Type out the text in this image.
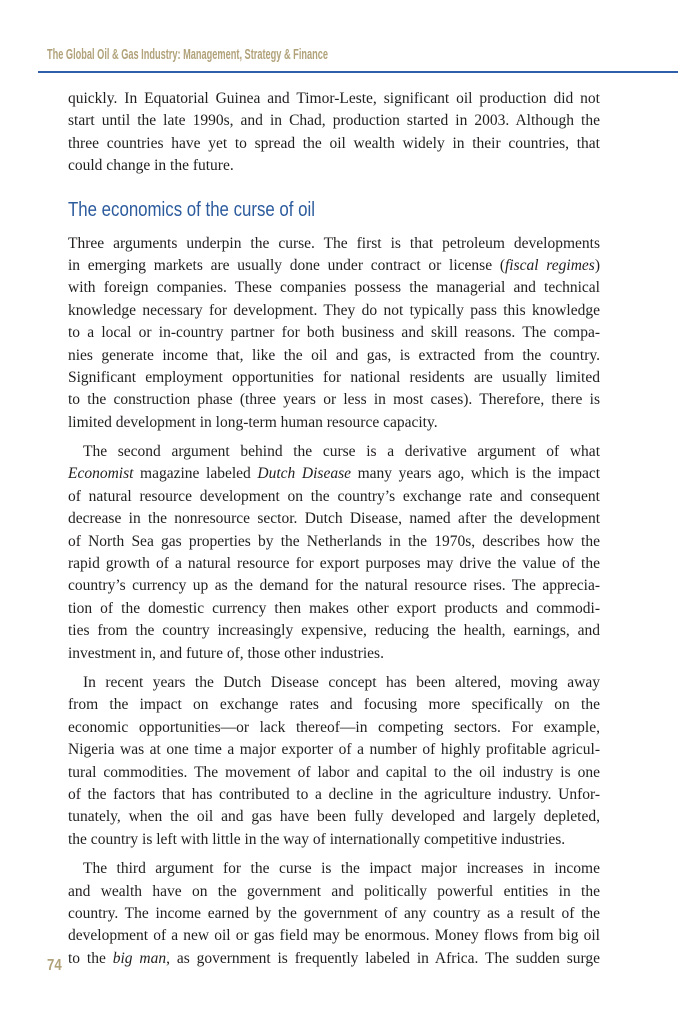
The Global Oil & Gas Industry: Management, Strategy & Finance
quickly. In Equatorial Guinea and Timor-Leste, significant oil production did not
start until the late 1990s, and in Chad, production started in 2003. Although the
three countries have yet to spread the oil wealth widely in their countries, that
could change in the future.
The economics of the curse of oil
Three arguments underpin the curse. The first is that petroleum developments
in emerging markets are usually done under contract or license (fiscal regimes)
with foreign companies. These companies possess the managerial and technical
knowledge necessary for development. They do not typically pass this knowledge
to a local or in-country partner for both business and skill reasons. The compa-
nies generate income that, like the oil and gas, is extracted from the country.
Significant employment opportunities for national residents are usually limited
to the construction phase (three years or less in most cases). Therefore, there is
limited development in long-term human resource capacity.
The second argument behind the curse is a derivative argument of what
Economist magazine labeled Dutch Disease many years ago, which is the impact
of natural resource development on the country’s exchange rate and consequent
decrease in the nonresource sector. Dutch Disease, named after the development
of North Sea gas properties by the Netherlands in the 1970s, describes how the
rapid growth of a natural resource for export purposes may drive the value of the
country’s currency up as the demand for the natural resource rises. The apprecia-
tion of the domestic currency then makes other export products and commodi-
ties from the country increasingly expensive, reducing the health, earnings, and
investment in, and future of, those other industries.
In recent years the Dutch Disease concept has been altered, moving away
from the impact on exchange rates and focusing more specifically on the
economic opportunities—or lack thereof—in competing sectors. For example,
Nigeria was at one time a major exporter of a number of highly profitable agricul-
tural commodities. The movement of labor and capital to the oil industry is one
of the factors that has contributed to a decline in the agriculture industry. Unfor-
tunately, when the oil and gas have been fully developed and largely depleted,
the country is left with little in the way of internationally competitive industries.
The third argument for the curse is the impact major increases in income
and wealth have on the government and politically powerful entities in the
country. The income earned by the government of any country as a result of the
development of a new oil or gas field may be enormous. Money flows from big oil
to the big man, as government is frequently labeled in Africa. The sudden surge
74
